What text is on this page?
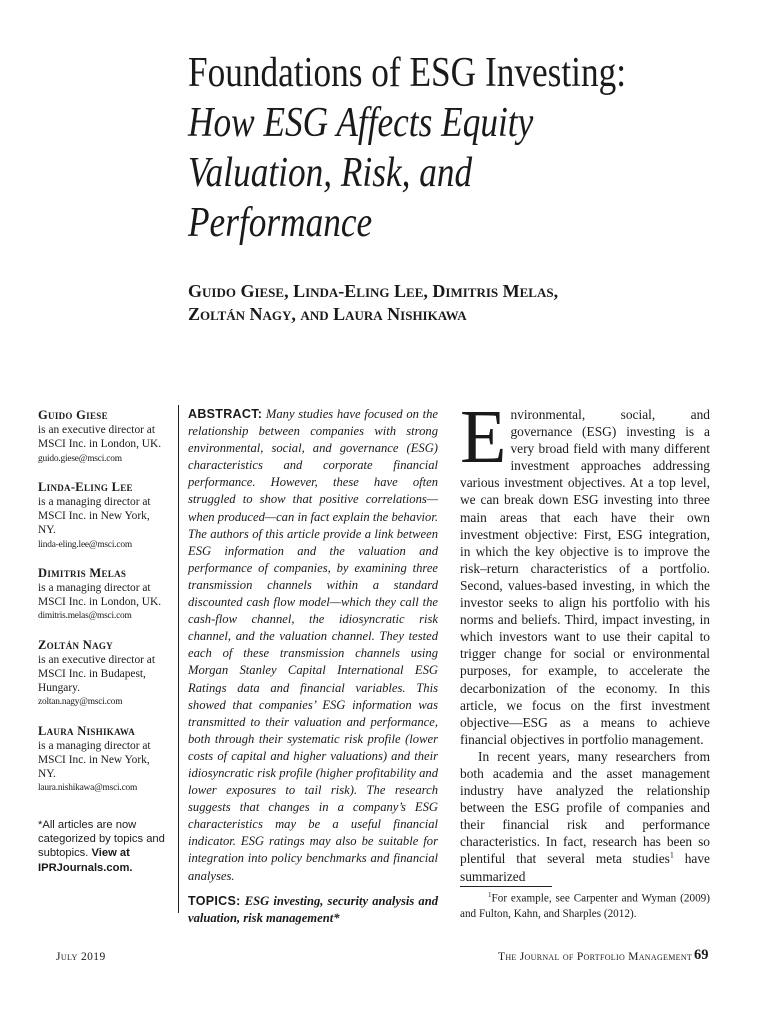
Foundations of ESG Investing:
How ESG Affects Equity
Valuation, Risk, and
Performance
Guido Giese, Linda-Eling Lee, Dimitris Melas,
Zoltán Nagy, and Laura Nishikawa
Guido Giese
is an executive director at MSCI Inc. in London, UK.
guido.giese@msci.com
Linda-Eling Lee
is a managing director at MSCI Inc. in New York, NY.
linda-eling.lee@msci.com
Dimitris Melas
is a managing director at MSCI Inc. in London, UK.
dimitris.melas@msci.com
Zoltán Nagy
is an executive director at MSCI Inc. in Budapest, Hungary.
zoltan.nagy@msci.com
Laura Nishikawa
is a managing director at MSCI Inc. in New York, NY.
laura.nishikawa@msci.com
*All articles are now categorized by topics and subtopics. View at IPRJournals.com.
ABSTRACT: Many studies have focused on the relationship between companies with strong environmental, social, and governance (ESG) characteristics and corporate financial performance. However, these have often struggled to show that positive correlations—when produced—can in fact explain the behavior. The authors of this article provide a link between ESG information and the valuation and performance of companies, by examining three transmission channels within a standard discounted cash flow model—which they call the cash-flow channel, the idiosyncratic risk channel, and the valuation channel. They tested each of these transmission channels using Morgan Stanley Capital International ESG Ratings data and financial variables. This showed that companies’ ESG information was transmitted to their valuation and performance, both through their systematic risk profile (lower costs of capital and higher valuations) and their idiosyncratic risk profile (higher profitability and lower exposures to tail risk). The research suggests that changes in a company’s ESG characteristics may be a useful financial indicator. ESG ratings may also be suitable for integration into policy benchmarks and financial analyses.
TOPICS: ESG investing, security analysis and valuation, risk management*

Environmental, social, and governance (ESG) investing is a very broad field with many different investment approaches addressing various investment objectives. At a top level, we can break down ESG investing into three main areas that each have their own investment objective: First, ESG integration, in which the key objective is to improve the risk–return characteristics of a portfolio. Second, values-based investing, in which the investor seeks to align his portfolio with his norms and beliefs. Third, impact investing, in which investors want to use their capital to trigger change for social or environmental purposes, for example, to accelerate the decarbonization of the economy. In this article, we focus on the first investment objective—ESG as a means to achieve financial objectives in portfolio management.

In recent years, many researchers from both academia and the asset management industry have analyzed the relationship between the ESG profile of companies and their financial risk and performance characteristics. In fact, research has been so plentiful that several meta studies$^1$ have summarized

$^1$For example, see Carpenter and Wyman (2009) and Fulton, Kahn, and Sharples (2012).
July 2019	The Journal of Portfolio Management 69
